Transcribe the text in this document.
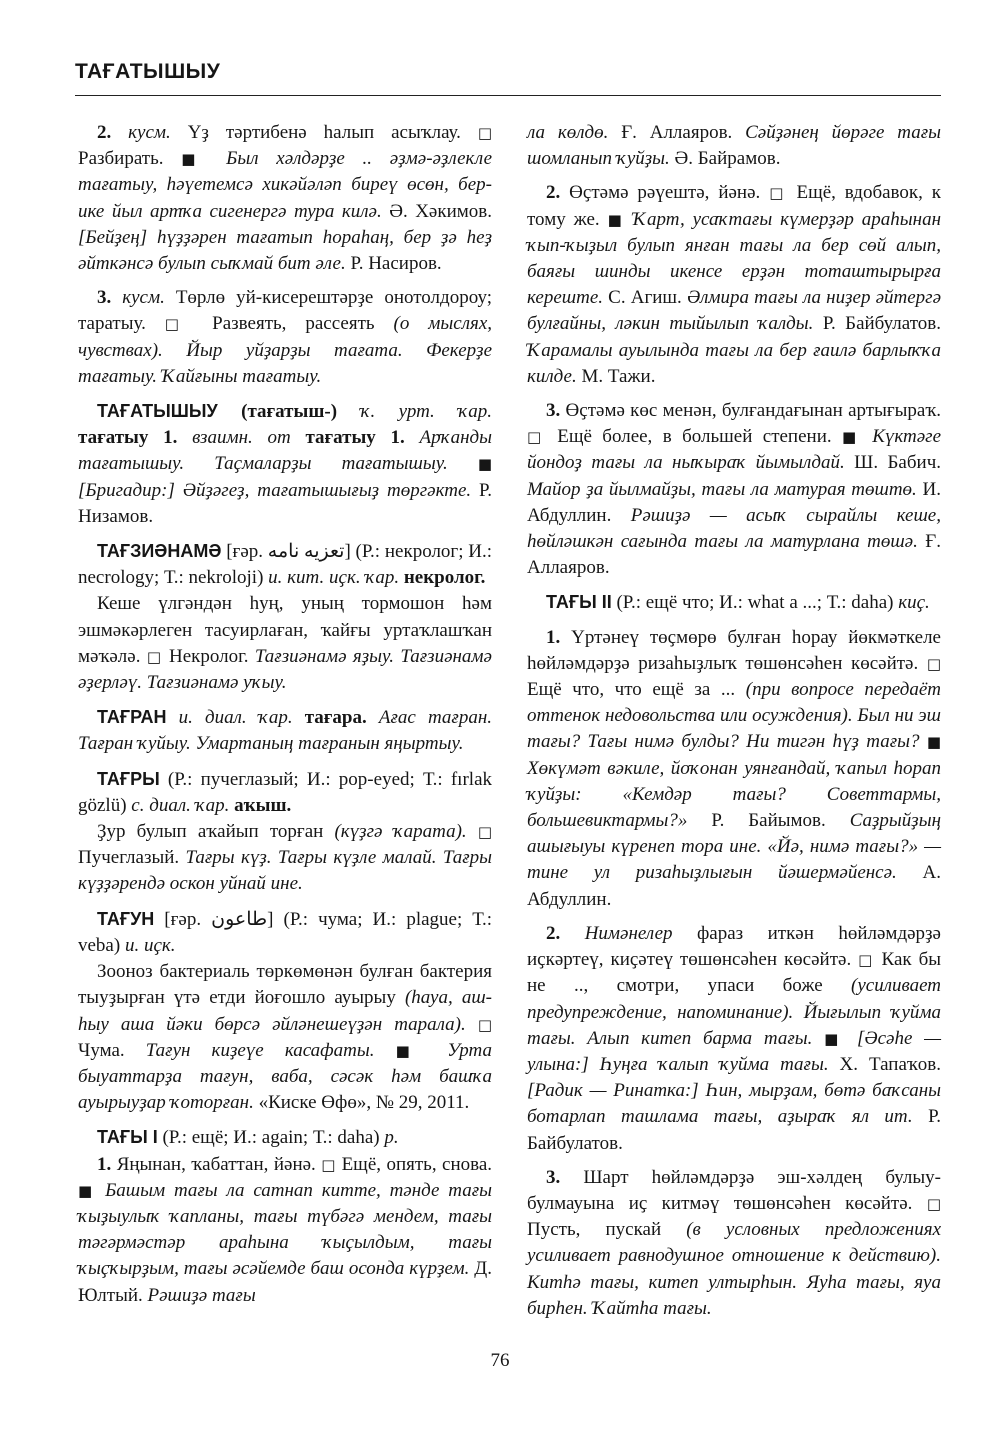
ТАҒАТЫШЫУ

2. кусм. Үҙ тәртибенә һалып асыҡлау. □ Разбирать. ■ Был хәлдәрҙе .. әҙмә-әҙлекле тағатыу, һәүетемсә хикәйәләп биреү өсөн, бер-ике йыл артҡа сигенергә тура килә. Ә. Хәкимов. [Бейҙең] һүҙҙәрен тағатып һораһаң, бер ҙә һеҙ әйткәнсә булып сыҡмай бит әле. Р. Насиров.

3. кусм. Төрлө уй-кисерештәрҙе онотолдороу; таратыу. □ Развеять, рассеять (о мыслях, чувствах). Йыр уйҙарҙы тағата. Фекерҙе тағатыу. Ҡайғыны тағатыу.

ТАҒАТЫШЫУ (тағатыш-) ҡ. урт. ҡар. тағатыу 1. взаимн. от тағатыу 1. Арҡанды тағатышыу. Таҫмаларҙы тағатышыу. ■ [Бригадир:] Әйҙәгеҙ, тағатышығыҙ төргәкте. Р. Низамов.

ТАҒЗИӘНАМӘ [ғәр. تعزیه نامه] (Р.: некролог; И.: necrology; Т.: nekroloji) и. кит. иҫк. ҡар. некролог.

Кеше үлгәндән һуң, уның тормошон һәм эшмәкәрлеген тасуирлаған, ҡайғы уртаҡлашҡан мәҡәлә. □ Некролог. Тағзиәнамә яҙыу. Тағзиәнамә әҙерләү. Тағзиәнамә уҡыу.

ТАҒРАН и. диал. ҡар. тағара. Ағас тағран. Тағран ҡуйыу. Умартаның тағранын яңыртыу.

ТАҒРЫ (Р.: пучеглазый; И.: pop-eyed; Т.: fırlak gözlü) с. диал. ҡар. аҡыш.

Ҙур булып аҡайып торған (күҙгә ҡарата). □ Пучеглазый. Тағры күҙ. Тағры күҙле малай. Тағры күҙҙәрендә оскон уйнай ине.

ТАҒУН [ғәр. طاعون] (Р.: чума; И.: plague; Т.: veba) и. иҫк.

Зооноз бактериаль төркөмөнән булған бактерия тыуҙырған үтә етди йоғошло ауырыу (һауа, аш-һыу аша йәки бөрсә әйләнешеүҙән тарала). □ Чума. Тағун киҙеүе касафаты. ■ Урта быуаттарҙа тағун, ваба, сәсәк һәм башҡа ауырыуҙар ҡоторған. «Киске Өфө», № 29, 2011.

ТАҒЫ I (Р.: ещё; И.: again; Т.: daha) р.

1. Яңынан, ҡабаттан, йәнә. □ Ещё, опять, снова. ■ Башым тағы ла сатнап китте, тәнде тағы ҡыҙыулыҡ ҡапланы, тағы түбәгә мендем, тағы тәгәрмәстәр араһына ҡыҫылдым, тағы ҡыҫҡырҙым, тағы әсәйемде баш осонда күрҙем. Д. Юлтый. Рәшиҙә тағы

ла көлдө. Ғ. Аллаяров. Сәйҙәнең йөрәге тағы шомланып ҡуйҙы. Ә. Байрамов.

2. Өҫтәмә рәүештә, йәнә. □ Ещё, вдобавок, к тому же. ■ Ҡарт, усаҡтағы күмерҙәр араһынан ҡып-ҡыҙыл булып янған тағы ла бер сөй алып, баяғы шинды икенсе ерҙән тоташтырырға кереште. С. Агиш. Әлмира тағы ла ниҙер әйтергә булғайны, ләкин тыйылып ҡалды. Р. Байбулатов. Ҡарамалы ауылында тағы ла бер ғаилә барлыҡҡа килде. М. Тажи.

3. Өҫтәмә көс менән, булғандағынан артығыраҡ. □ Ещё более, в большей степени. ■ Күктәге йондоҙ тағы ла ныҡыраҡ йымылдай. Ш. Бабич. Майор ҙа йылмайҙы, тағы ла матурая төштө. И. Абдуллин. Рәшиҙә — асыҡ сырайлы кеше, һөйләшкән сағында тағы ла матурлана төшә. Ғ. Аллаяров.

ТАҒЫ II (Р.: ещё что; И.: what a ...; Т.: daha) киҫ.

1. Үртәнеү төҫмөрө булған һорау йөкмәткеле һөйләмдәрҙә ризаһыҙлыҡ төшөнсәһен көсәйтә. □ Ещё что, что ещё за ... (при вопросе передаёт оттенок недовольства или осуждения). Был ни эш тағы? Тағы нимә булды? Ни тигән һүҙ тағы? ■ Хөкүмәт вәкиле, йоҡонан уянғандай, ҡапыл һорап ҡуйҙы: «Кемдәр тағы? Советтармы, большевиктармы?» Р. Байымов. Саҙрыйҙың ашығыуы күренеп тора ине. «Йә, нимә тағы?» — тине ул ризаһыҙлығын йәшермәйенсә. А. Абдуллин.

2. Нимәнелер фараз иткән һөйләмдәрҙә иҫкәртеү, киҫәтеү төшөнсәһен көсәйтә. □ Как бы не .., смотри, упаси боже (усиливает предупреждение, напоминание). Йығылып ҡуйма тағы. Алып китеп барма тағы. ■ [Әсәһе — улына:] Һуңға ҡалып ҡуйма тағы. Х. Тапаҡов. [Радик — Ринатка:] Һин, мырҙам, бөтә баҡсаны ботарлап ташлама тағы, аҙыраҡ ял ит. Р. Байбулатов.

3. Шарт һөйләмдәрҙә эш-хәлдең булыу-булмауына иҫ китмәү төшөнсәһен көсәйтә. □ Пусть, пускай (в условных предложениях усиливает равнодушное отношение к действию). Китһә тағы, китеп ултырһын. Яуһа тағы, яуа бирһен. Ҡайтһа тағы.

76
